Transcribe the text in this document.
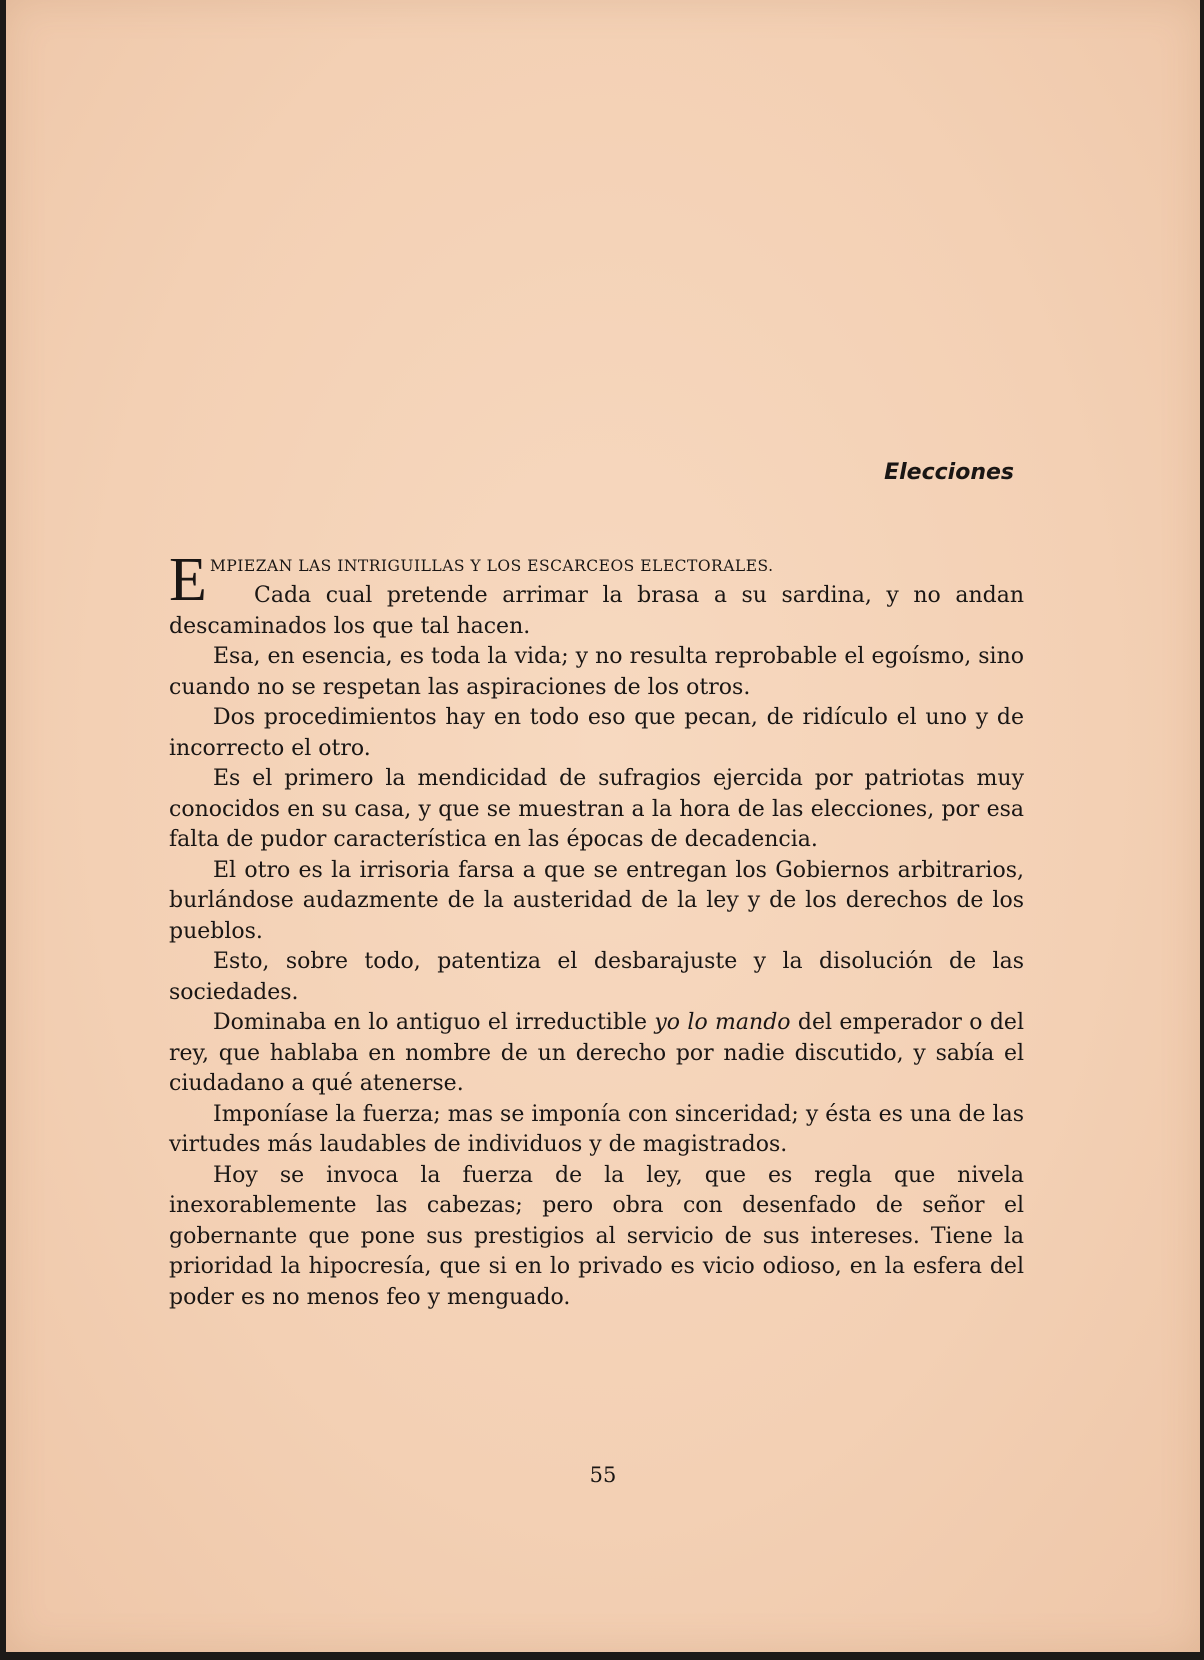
Elecciones
E MPIEZAN LAS INTRIGUILLAS Y LOS ESCARCEOS ELECTORALES.
Cada cual pretende arrimar la brasa a su sardina, y no andan descaminados los que tal hacen.

Esa, en esencia, es toda la vida; y no resulta reprobable el egoísmo, sino cuando no se respetan las aspiraciones de los otros.

Dos procedimientos hay en todo eso que pecan, de ridículo el uno y de incorrecto el otro.

Es el primero la mendicidad de sufragios ejercida por patriotas muy conocidos en su casa, y que se muestran a la hora de las elecciones, por esa falta de pudor característica en las épocas de decadencia.

El otro es la irrisoria farsa a que se entregan los Gobiernos arbitrarios, burlándose audazmente de la austeridad de la ley y de los derechos de los pueblos.

Esto, sobre todo, patentiza el desbarajuste y la disolución de las sociedades.

Dominaba en lo antiguo el irreductible yo lo mando del emperador o del rey, que hablaba en nombre de un derecho por nadie discutido, y sabía el ciudadano a qué atenerse.

Imponíase la fuerza; mas se imponía con sinceridad; y ésta es una de las virtudes más laudables de individuos y de magistrados.

Hoy se invoca la fuerza de la ley, que es regla que nivela inexorablemente las cabezas; pero obra con desenfado de señor el gobernante que pone sus prestigios al servicio de sus intereses. Tiene la prioridad la hipocresía, que si en lo privado es vicio odioso, en la esfera del poder es no menos feo y menguado.

55
